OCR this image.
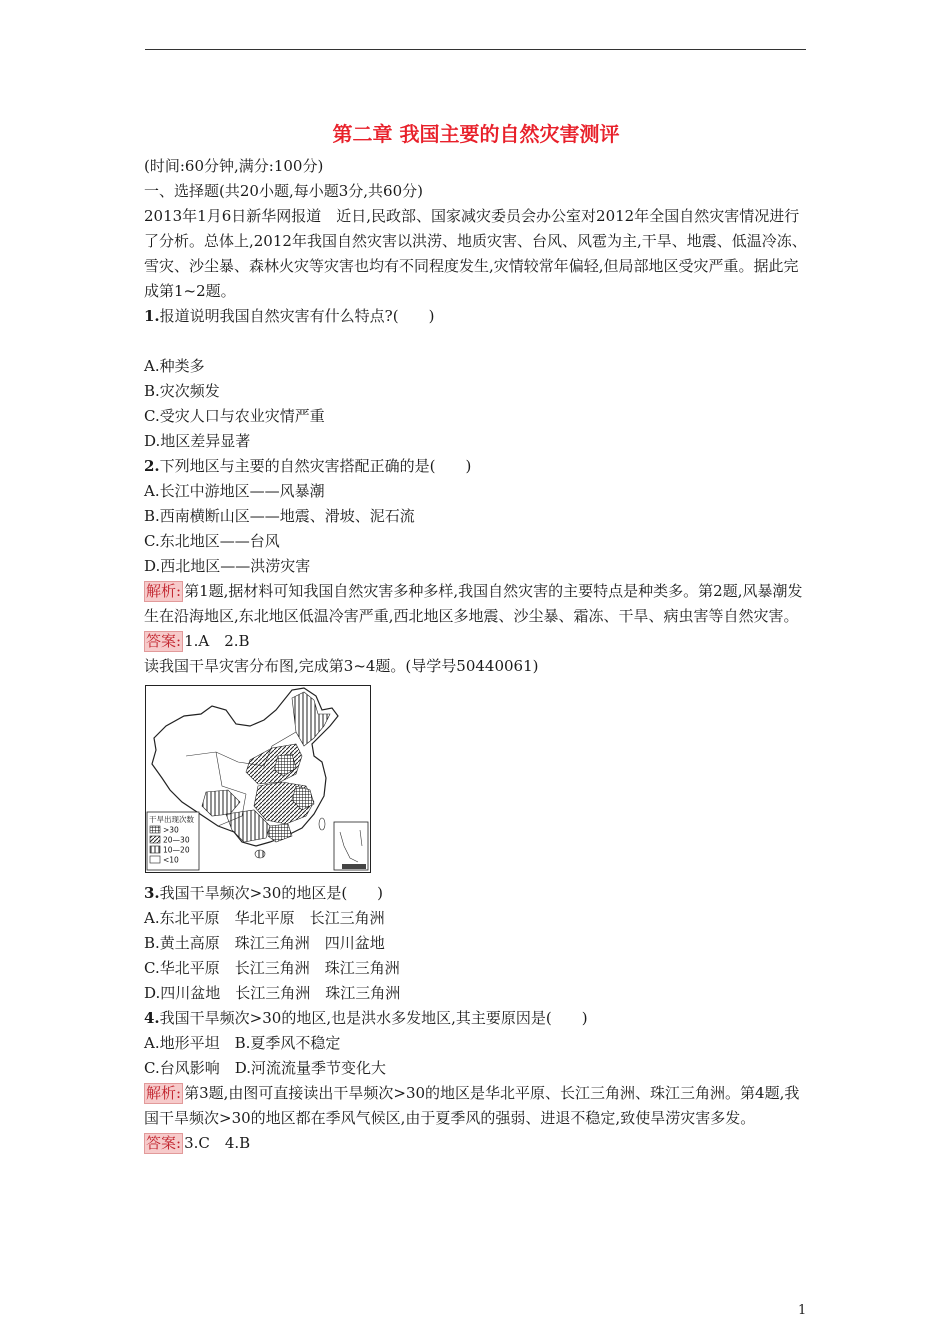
第二章 我国主要的自然灾害测评
(时间:60分钟,满分:100分)
一、选择题(共20小题,每小题3分,共60分)
2013年1月6日新华网报道　近日,民政部、国家减灾委员会办公室对2012年全国自然灾害情况进行了分析。总体上,2012年我国自然灾害以洪涝、地质灾害、台风、风雹为主,干旱、地震、低温冷冻、雪灾、沙尘暴、森林火灾等灾害也均有不同程度发生,灾情较常年偏轻,但局部地区受灾严重。据此完成第1~2题。
1.报道说明我国自然灾害有什么特点?(　　)
A.种类多
B.灾次频发
C.受灾人口与农业灾情严重
D.地区差异显著
2.下列地区与主要的自然灾害搭配正确的是(　　)
A.长江中游地区——风暴潮
B.西南横断山区——地震、滑坡、泥石流
C.东北地区——台风
D.西北地区——洪涝灾害
解析: 第1题,据材料可知我国自然灾害多种多样,我国自然灾害的主要特点是种类多。第2题,风暴潮发生在沿海地区,东北地区低温冷害严重,西北地区多地震、沙尘暴、霜冻、干旱、病虫害等自然灾害。
答案: 1.A　2.B
读我国干旱灾害分布图,完成第3~4题。(导学号50440061)
干旱出现次数
>30
20—30
10—20
<10
3.我国干旱频次>30的地区是(　　)
A.东北平原　华北平原　长江三角洲
B.黄土高原　珠江三角洲　四川盆地
C.华北平原　长江三角洲　珠江三角洲
D.四川盆地　长江三角洲　珠江三角洲
4.我国干旱频次>30的地区,也是洪水多发地区,其主要原因是(　　)
A.地形平坦　B.夏季风不稳定
C.台风影响　D.河流流量季节变化大
解析: 第3题,由图可直接读出干旱频次>30的地区是华北平原、长江三角洲、珠江三角洲。第4题,我国干旱频次>30的地区都在季风气候区,由于夏季风的强弱、进退不稳定,致使旱涝灾害多发。
答案: 3.C　4.B
1
